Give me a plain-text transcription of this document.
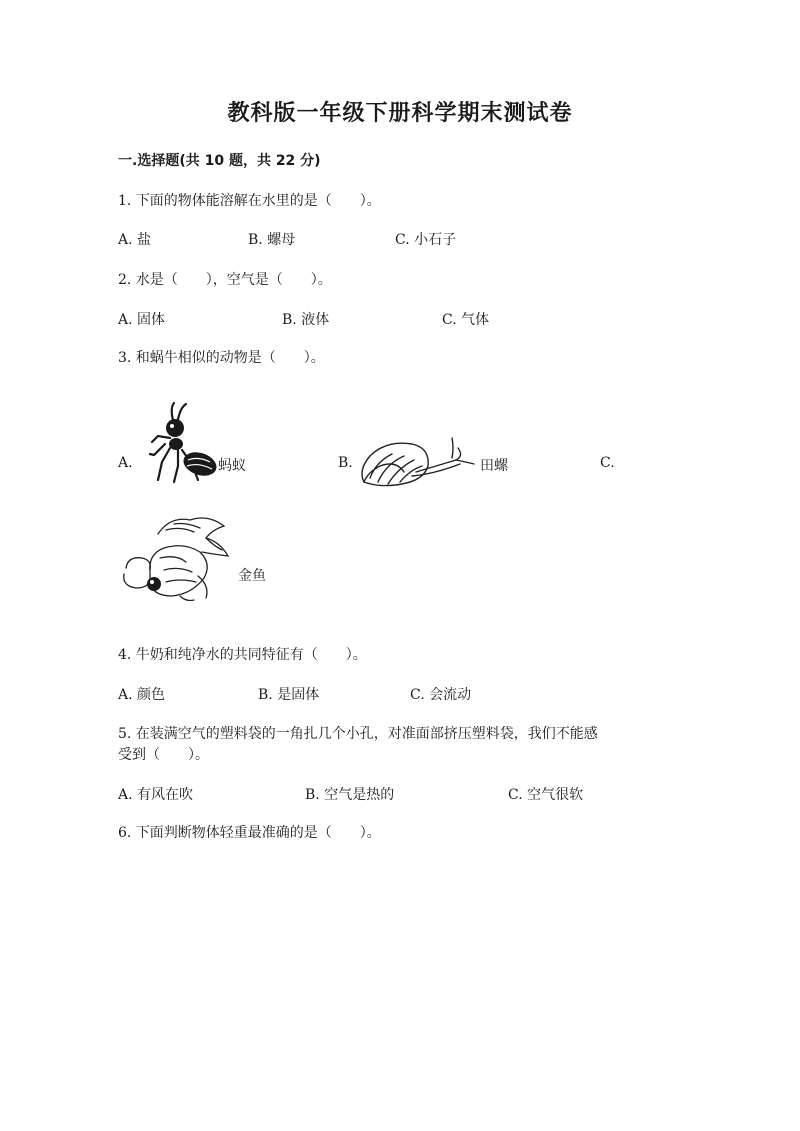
教科版一年级下册科学期末测试卷
一.选择题(共 10 题，共 22 分)
1. 下面的物体能溶解在水里的是（　　）。
A. 盐	B. 螺母	C. 小石子
2. 水是（　　），空气是（　　）。
A. 固体	B. 液体	C. 气体
3. 和蜗牛相似的动物是（　　）。
A.	蚂蚁	B.	田螺	C.
金鱼
4. 牛奶和纯净水的共同特征有（　　）。
A. 颜色	B. 是固体	C. 会流动
5. 在装满空气的塑料袋的一角扎几个小孔，对准面部挤压塑料袋，我们不能感
受到（　　）。
A. 有风在吹	B. 空气是热的	C. 空气很软
6. 下面判断物体轻重最准确的是（　　）。
